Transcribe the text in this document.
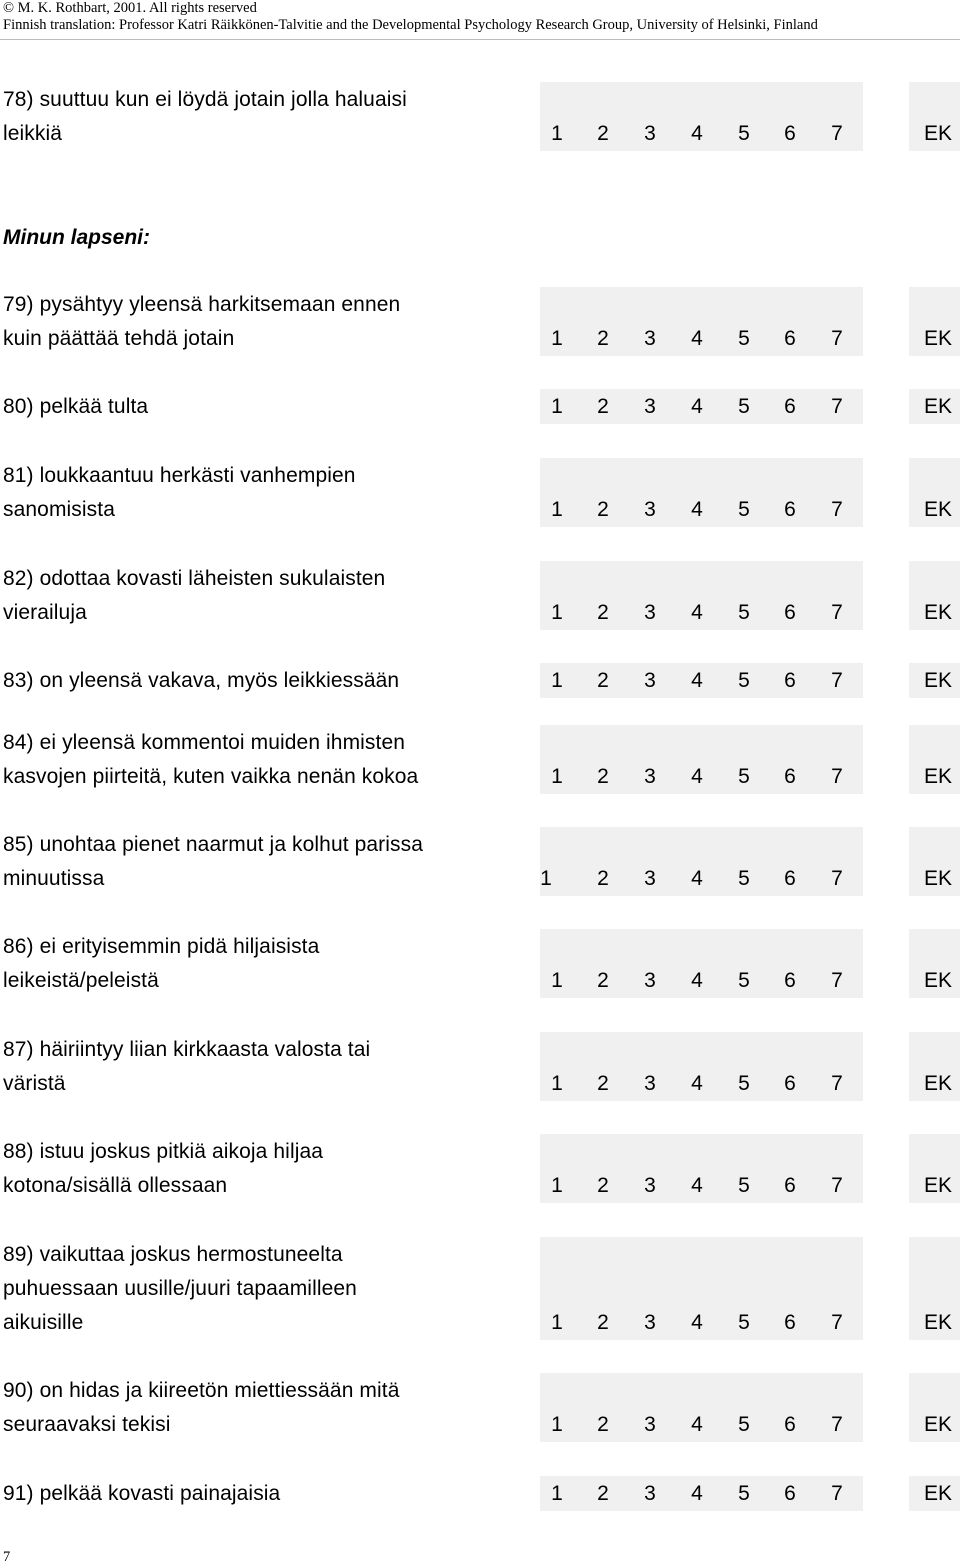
© M. K. Rothbart, 2001. All rights reserved
Finnish translation: Professor Katri Räikkönen-Talvitie and the Developmental Psychology Research Group, University of Helsinki, Finland
Minun lapseni:
78) suuttuu kun ei löydä jotain jolla haluaisi
leikkiä	1 2 3 4 5 6 7	EK
79) pysähtyy yleensä harkitsemaan ennen
kuin päättää tehdä jotain	1 2 3 4 5 6 7	EK
80) pelkää tulta	1 2 3 4 5 6 7	EK
81) loukkaantuu herkästi vanhempien
sanomisista	1 2 3 4 5 6 7	EK
82) odottaa kovasti läheisten sukulaisten
vierailuja	1 2 3 4 5 6 7	EK
83) on yleensä vakava, myös leikkiessään	1 2 3 4 5 6 7	EK
84) ei yleensä kommentoi muiden ihmisten
kasvojen piirteitä, kuten vaikka nenän kokoa	1 2 3 4 5 6 7	EK
85) unohtaa pienet naarmut ja kolhut parissa
minuutissa	1 2 3 4 5 6 7	EK
86) ei erityisemmin pidä hiljaisista
leikeistä/peleistä	1 2 3 4 5 6 7	EK
87) häiriintyy liian kirkkaasta valosta tai
väristä	1 2 3 4 5 6 7	EK
88) istuu joskus pitkiä aikoja hiljaa
kotona/sisällä ollessaan	1 2 3 4 5 6 7	EK
89) vaikuttaa joskus hermostuneelta
puhuessaan uusille/juuri tapaamilleen
aikuisille	1 2 3 4 5 6 7	EK
90) on hidas ja kiireetön miettiessään mitä
seuraavaksi tekisi	1 2 3 4 5 6 7	EK
91) pelkää kovasti painajaisia	1 2 3 4 5 6 7	EK
7
